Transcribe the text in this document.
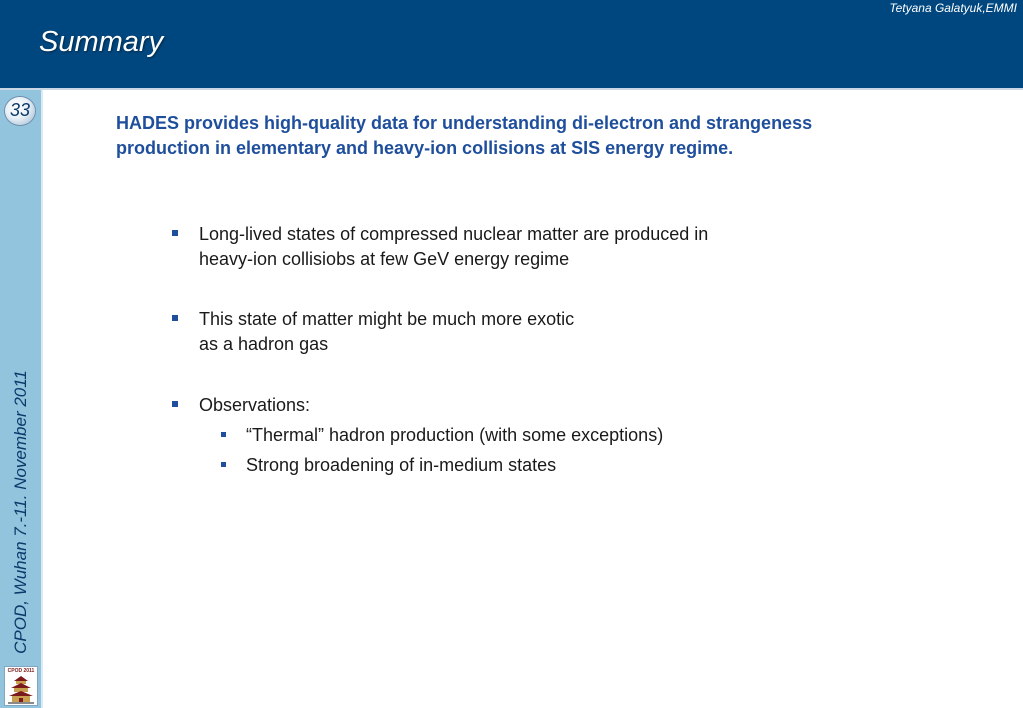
Tetyana Galatyuk,EMMI
Summary
33
CPOD, Wuhan 7.-11. November 2011
CPOD 2011
HADES provides high-quality data for understanding di-electron and strangeness production in elementary and heavy-ion collisions at SIS energy regime.
Long-lived states of compressed nuclear matter are produced in
heavy-ion collisiobs at few GeV energy regime
This state of matter might be much more exotic
as a hadron gas
Observations:
“Thermal” hadron production (with some exceptions)
Strong broadening of in-medium states
